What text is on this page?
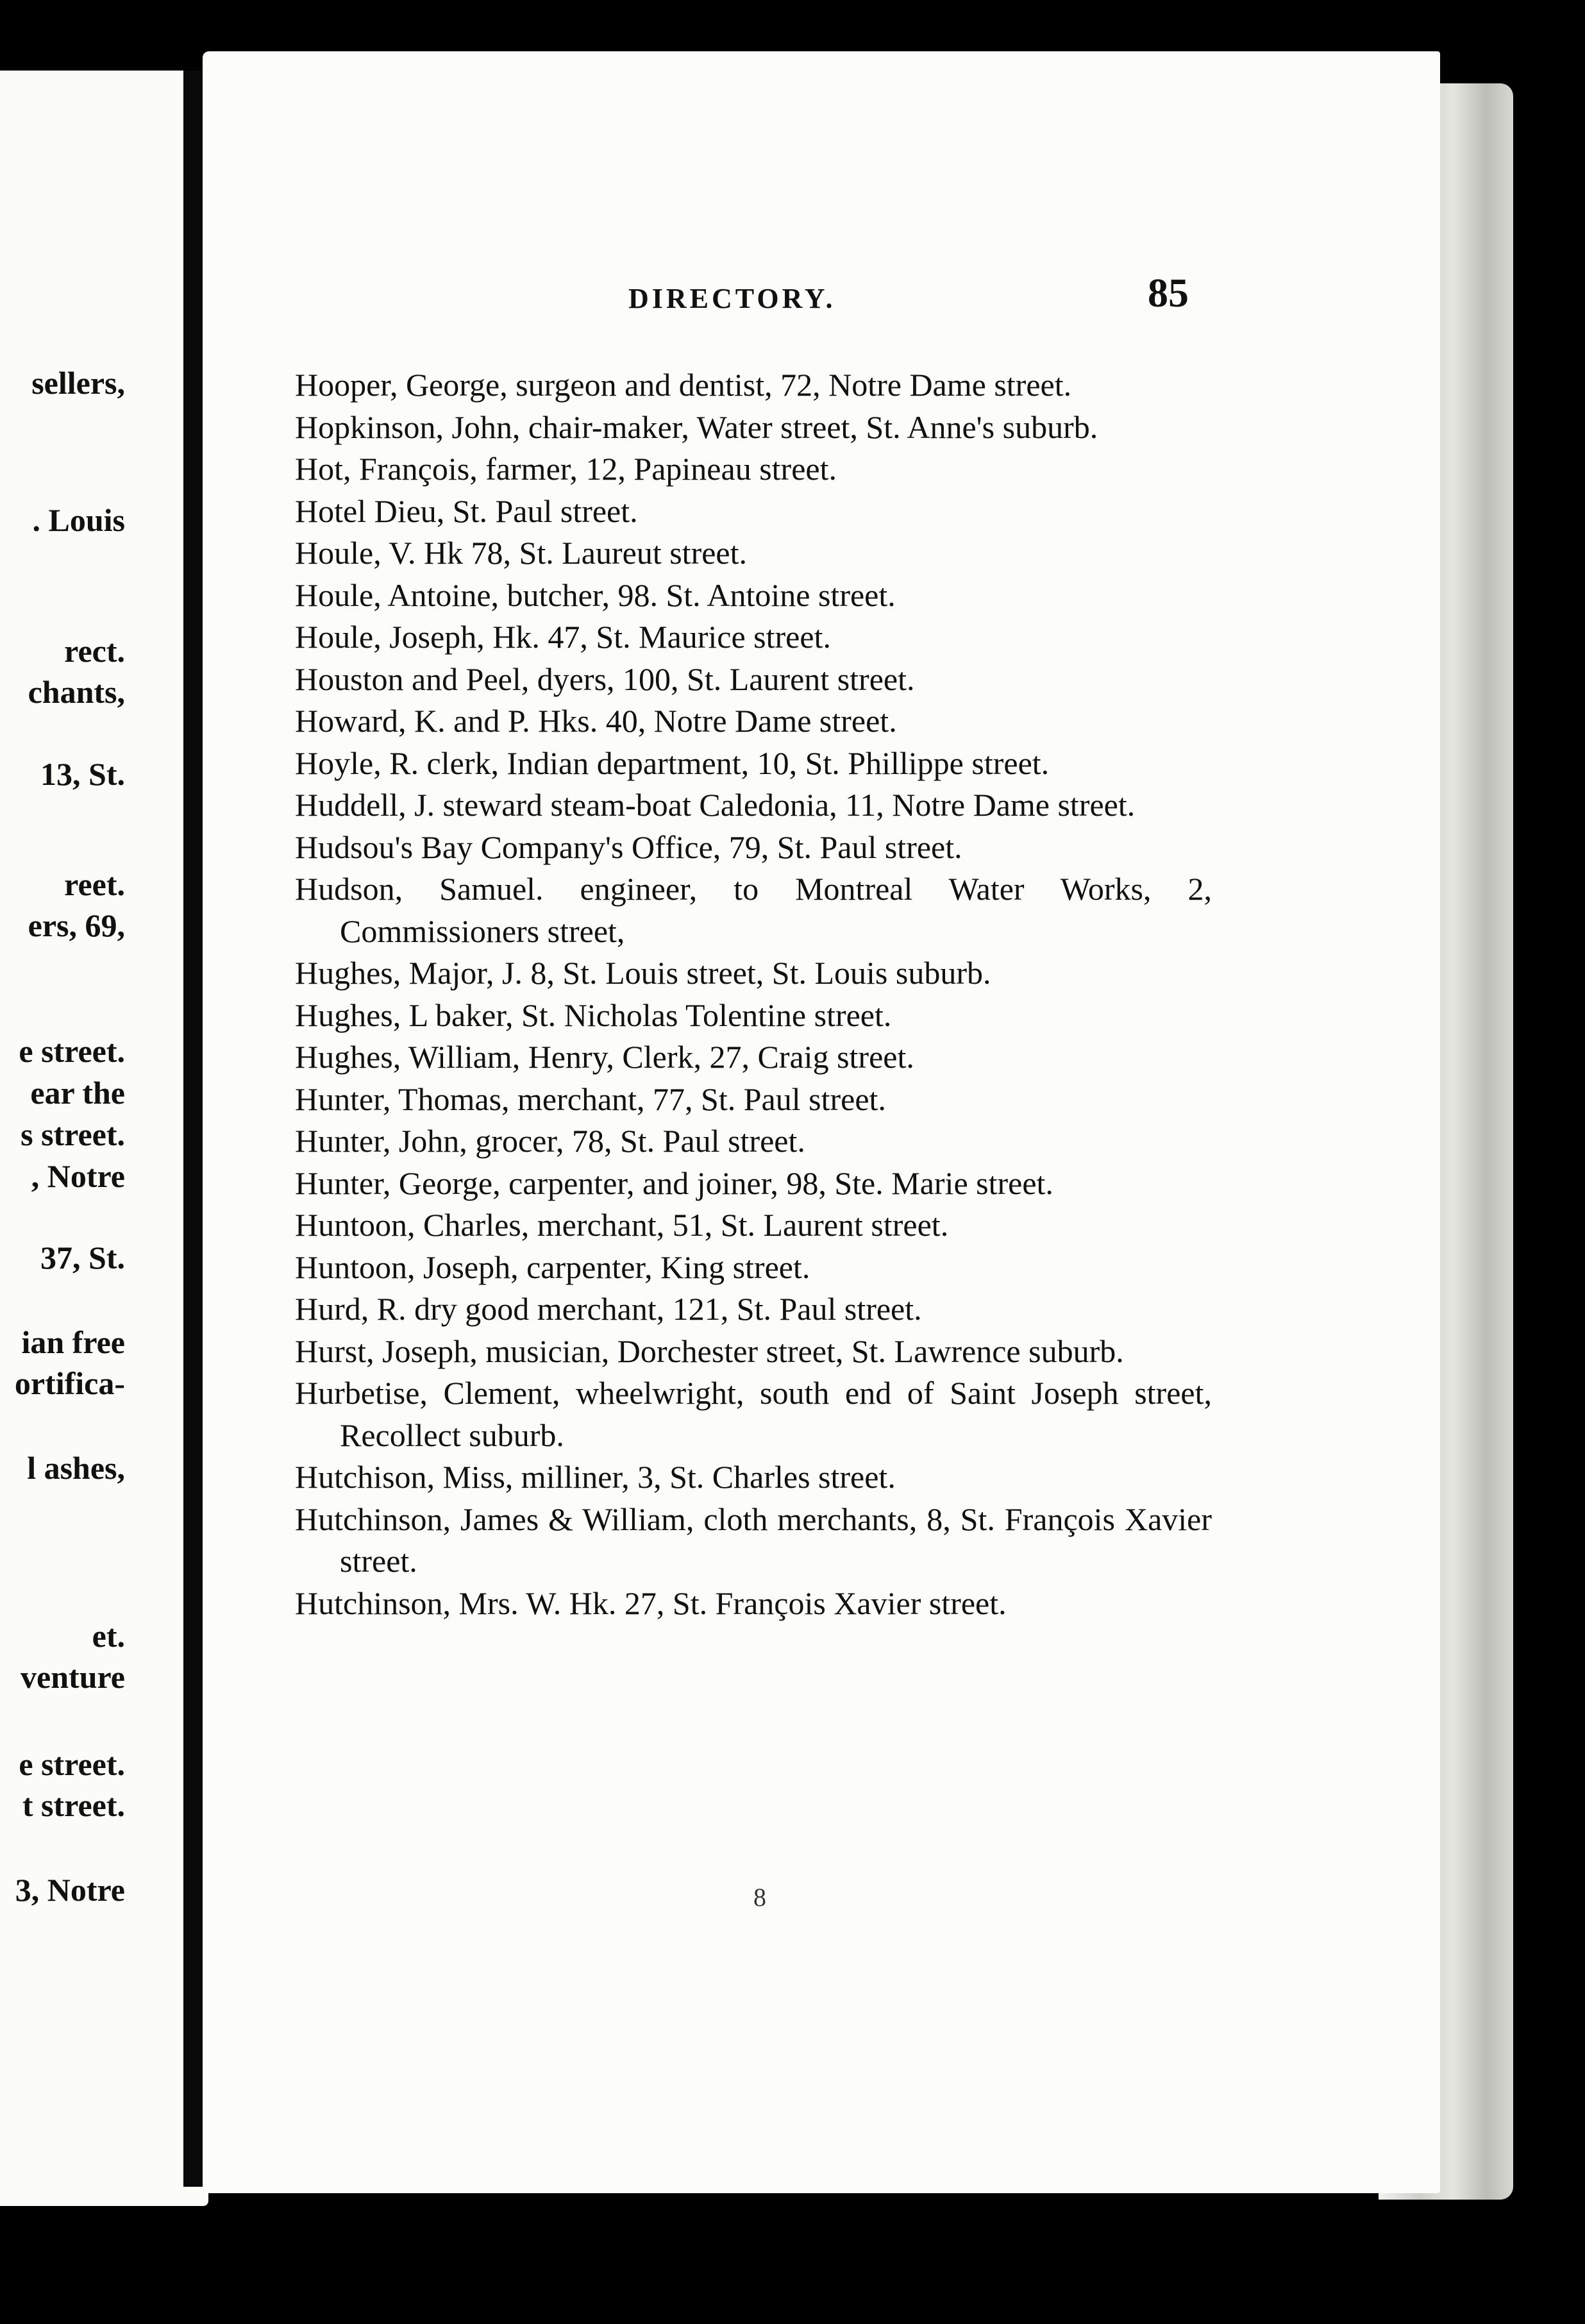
sellers,
. Louis
rect.
chants,
13, St.
reet.
ers, 69,
e street.
ear the
s street.
, Notre
37, St.
ian free
ortifica-
l ashes,
et.
venture
e street.
t street.
3, Notre
DIRECTORY.	85
Hooper, George, surgeon and dentist, 72, Notre Dame street.
Hopkinson, John, chair-maker, Water street, St. Anne's suburb.
Hot, François, farmer, 12, Papineau street.
Hotel Dieu, St. Paul street.
Houle, V. Hk 78, St. Laureut street.
Houle, Antoine, butcher, 98. St. Antoine street.
Houle, Joseph, Hk. 47, St. Maurice street.
Houston and Peel, dyers, 100, St. Laurent street.
Howard, K. and P. Hks. 40, Notre Dame street.
Hoyle, R. clerk, Indian department, 10, St. Phillippe street.
Huddell, J. steward steam-boat Caledonia, 11, Notre Dame street.
Hudsou's Bay Company's Office, 79, St. Paul street.
Hudson, Samuel. engineer, to Montreal Water Works, 2, Commissioners street,
Hughes, Major, J. 8, St. Louis street, St. Louis suburb.
Hughes, L baker, St. Nicholas Tolentine street.
Hughes, William, Henry, Clerk, 27, Craig street.
Hunter, Thomas, merchant, 77, St. Paul street.
Hunter, John, grocer, 78, St. Paul street.
Hunter, George, carpenter, and joiner, 98, Ste. Marie street.
Huntoon, Charles, merchant, 51, St. Laurent street.
Huntoon, Joseph, carpenter, King street.
Hurd, R. dry good merchant, 121, St. Paul street.
Hurst, Joseph, musician, Dorchester street, St. Lawrence suburb.
Hurbetise, Clement, wheelwright, south end of Saint Joseph street, Recollect suburb.
Hutchison, Miss, milliner, 3, St. Charles street.
Hutchinson, James & William, cloth merchants, 8, St. François Xavier street.
Hutchinson, Mrs. W. Hk. 27, St. François Xavier street.
8
